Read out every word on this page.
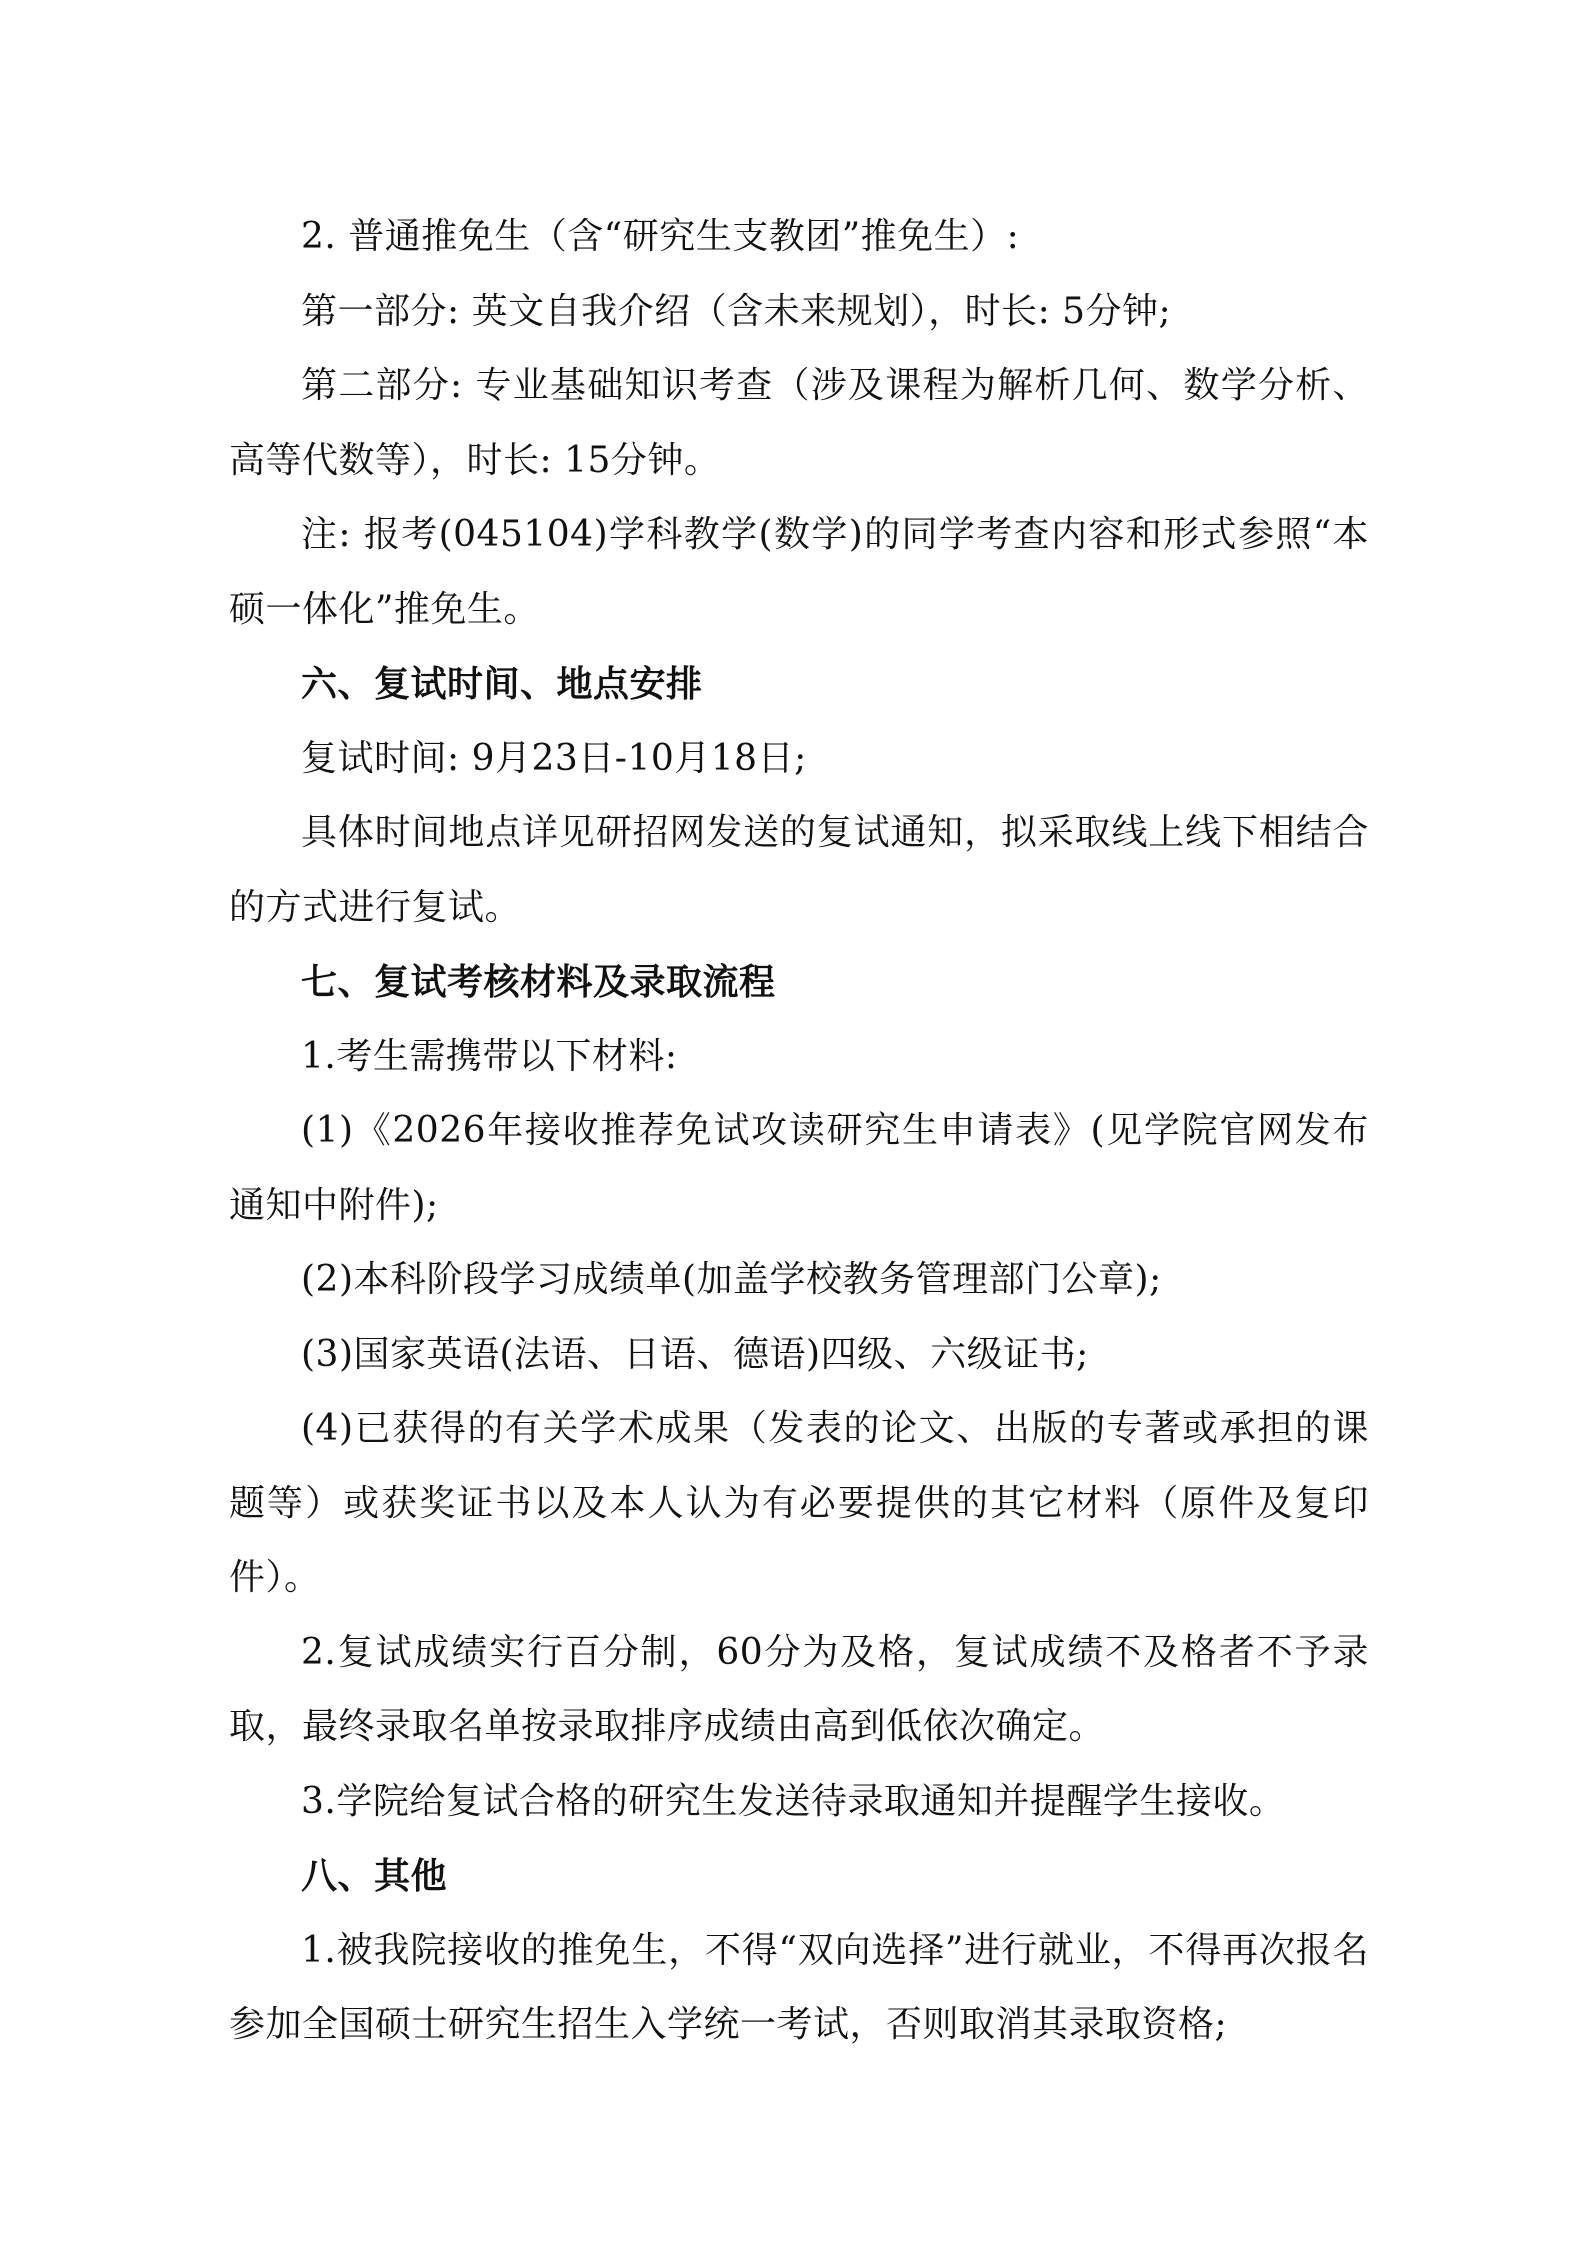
2. 普通推免生（含“研究生支教团”推免生）:

第一部分: 英文自我介绍（含未来规划），时长: 5分钟;

第二部分: 专业基础知识考查（涉及课程为解析几何、数学分析、高等代数等），时长: 15分钟。

注: 报考(045104)学科教学(数学)的同学考查内容和形式参照“本硕一体化”推免生。

六、复试时间、地点安排

复试时间: 9月23日-10月18日;

具体时间地点详见研招网发送的复试通知，拟采取线上线下相结合的方式进行复试。

七、复试考核材料及录取流程

1.考生需携带以下材料:

(1)《2026年接收推荐免试攻读研究生申请表》(见学院官网发布通知中附件);

(2)本科阶段学习成绩单(加盖学校教务管理部门公章);

(3)国家英语(法语、日语、德语)四级、六级证书;

(4)已获得的有关学术成果（发表的论文、出版的专著或承担的课题等）或获奖证书以及本人认为有必要提供的其它材料（原件及复印件）。

2.复试成绩实行百分制，60分为及格，复试成绩不及格者不予录取，最终录取名单按录取排序成绩由高到低依次确定。

3.学院给复试合格的研究生发送待录取通知并提醒学生接收。

八、其他

1.被我院接收的推免生，不得“双向选择”进行就业，不得再次报名参加全国硕士研究生招生入学统一考试，否则取消其录取资格;
